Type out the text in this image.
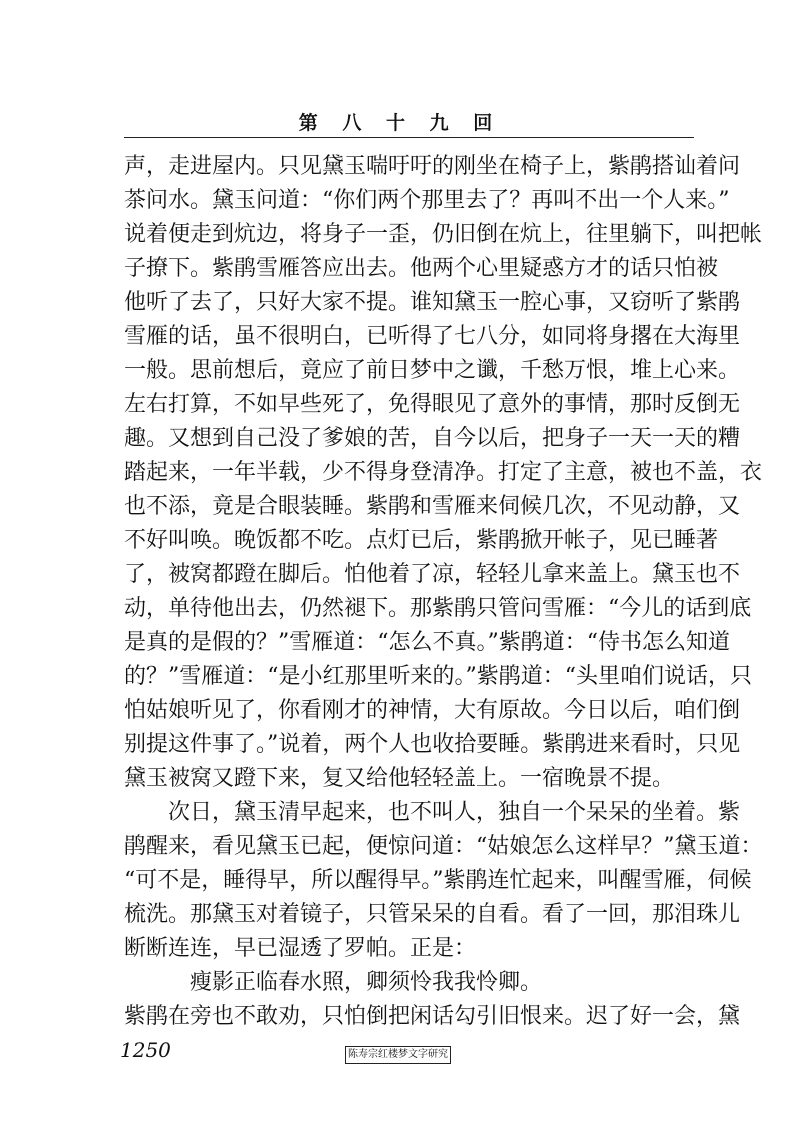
第 八 十 九 回
声，走进屋内。只见黛玉喘吁吁的刚坐在椅子上，紫鹃搭讪着问
茶问水。黛玉问道：“你们两个那里去了？再叫不出一个人来。”
说着便走到炕边，将身子一歪，仍旧倒在炕上，往里躺下，叫把帐
子撩下。紫鹃雪雁答应出去。他两个心里疑惑方才的话只怕被
他听了去了，只好大家不提。谁知黛玉一腔心事，又窃听了紫鹃
雪雁的话，虽不很明白，已听得了七八分，如同将身撂在大海里
一般。思前想后，竟应了前日梦中之谶，千愁万恨，堆上心来。
左右打算，不如早些死了，免得眼见了意外的事情，那时反倒无
趣。又想到自己没了爹娘的苦，自今以后，把身子一天一天的糟
踏起来，一年半载，少不得身登清净。打定了主意，被也不盖，衣
也不添，竟是合眼装睡。紫鹃和雪雁来伺候几次，不见动静，又
不好叫唤。晚饭都不吃。点灯已后，紫鹃掀开帐子，见已睡著
了，被窝都蹬在脚后。怕他着了凉，轻轻儿拿来盖上。黛玉也不
动，单待他出去，仍然褪下。那紫鹃只管问雪雁：“今儿的话到底
是真的是假的？”雪雁道：“怎么不真。”紫鹃道：“侍书怎么知道
的？”雪雁道：“是小红那里听来的。”紫鹃道：“头里咱们说话，只
怕姑娘听见了，你看刚才的神情，大有原故。今日以后，咱们倒
别提这件事了。”说着，两个人也收拾要睡。紫鹃进来看时，只见
黛玉被窝又蹬下来，复又给他轻轻盖上。一宿晚景不提。
次日，黛玉清早起来，也不叫人，独自一个呆呆的坐着。紫
鹃醒来，看见黛玉已起，便惊问道：“姑娘怎么这样早？”黛玉道：
“可不是，睡得早，所以醒得早。”紫鹃连忙起来，叫醒雪雁，伺候
梳洗。那黛玉对着镜子，只管呆呆的自看。看了一回，那泪珠儿
断断连连，早已湿透了罗帕。正是：
瘦影正临春水照，卿须怜我我怜卿。
紫鹃在旁也不敢劝，只怕倒把闲话勾引旧恨来。迟了好一会，黛
1250	陈寿宗红楼梦文字研究
